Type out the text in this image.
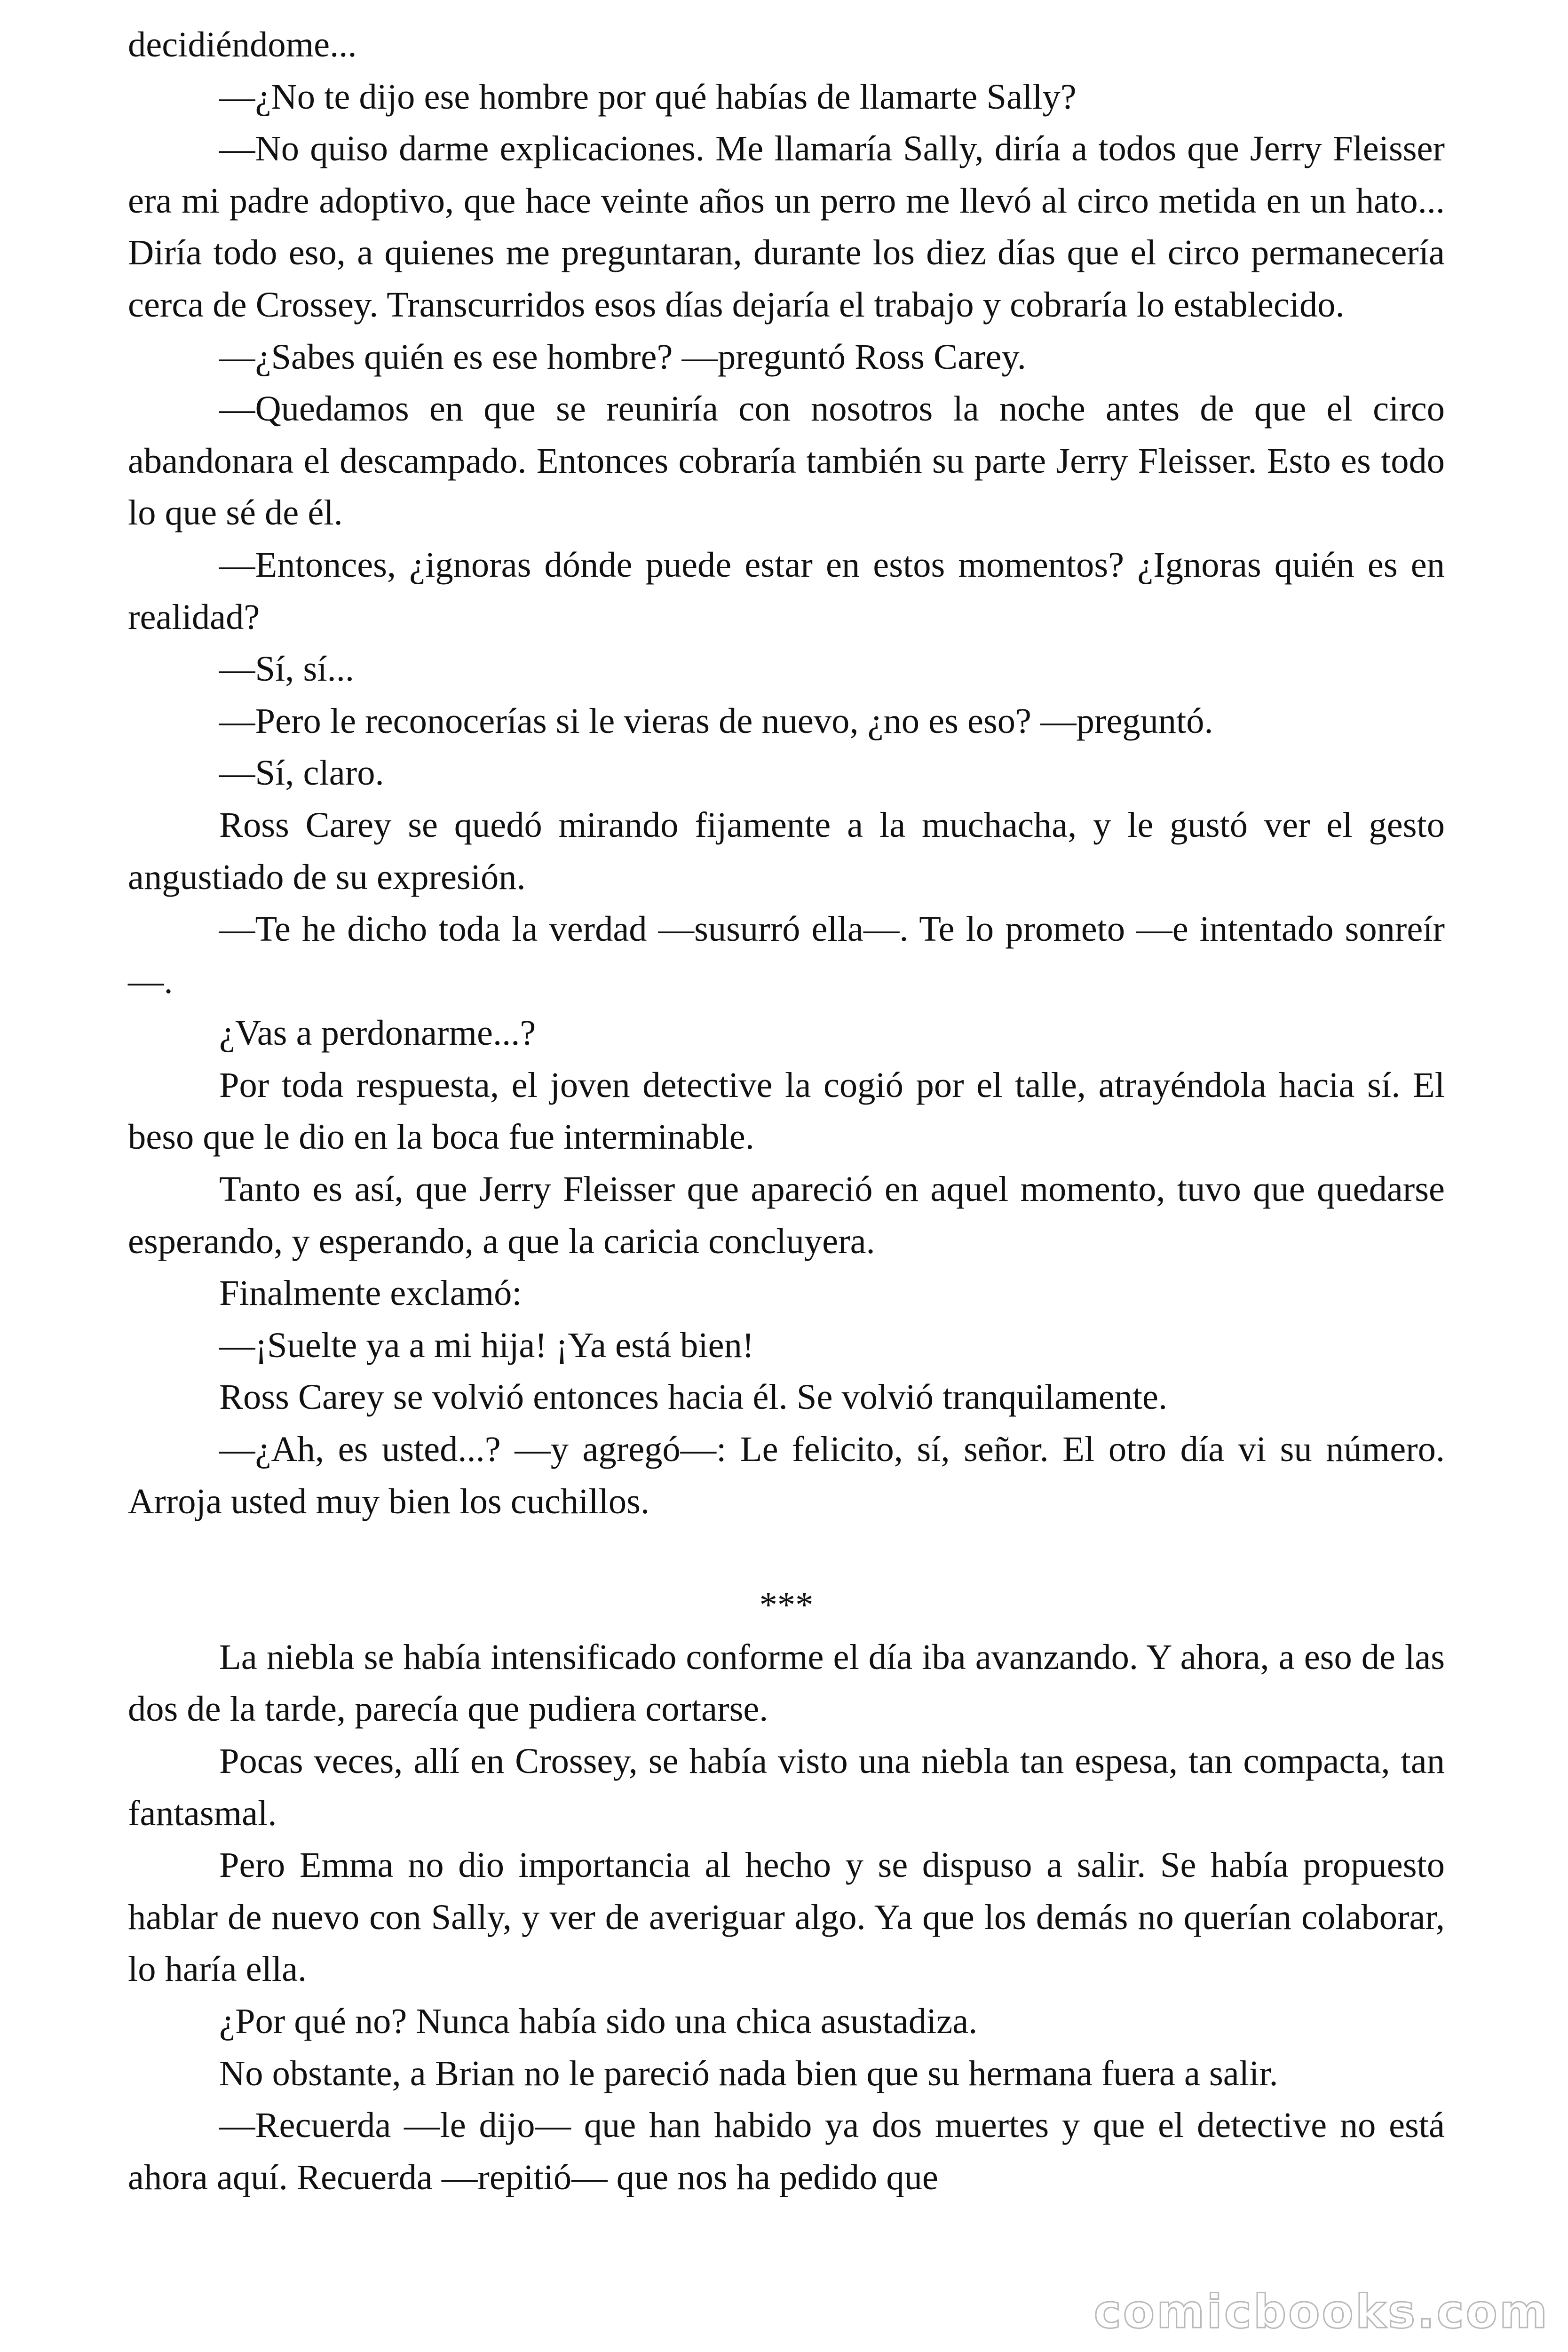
decidiéndome...

—¿No te dijo ese hombre por qué habías de llamarte Sally?

—No quiso darme explicaciones. Me llamaría Sally, diría a todos que Jerry Fleisser era mi padre adoptivo, que hace veinte años un perro me llevó al circo metida en un hato... Diría todo eso, a quienes me preguntaran, durante los diez días que el circo permanecería cerca de Crossey. Transcurridos esos días dejaría el trabajo y cobraría lo establecido.

—¿Sabes quién es ese hombre? —preguntó Ross Carey.

—Quedamos en que se reuniría con nosotros la noche antes de que el circo abandonara el descampado. Entonces cobraría también su parte Jerry Fleisser. Esto es todo lo que sé de él.

—Entonces, ¿ignoras dónde puede estar en estos momentos? ¿Ignoras quién es en realidad?

—Sí, sí...

—Pero le reconocerías si le vieras de nuevo, ¿no es eso? —preguntó.

—Sí, claro.

Ross Carey se quedó mirando fijamente a la muchacha, y le gustó ver el gesto angustiado de su expresión.

—Te he dicho toda la verdad —susurró ella—. Te lo prometo —e intentado sonreír—.

¿Vas a perdonarme...?

Por toda respuesta, el joven detective la cogió por el talle, atrayéndola hacia sí. El beso que le dio en la boca fue interminable.

Tanto es así, que Jerry Fleisser que apareció en aquel momento, tuvo que quedarse esperando, y esperando, a que la caricia concluyera.

Finalmente exclamó:

—¡Suelte ya a mi hija! ¡Ya está bien!

Ross Carey se volvió entonces hacia él. Se volvió tranquilamente.

—¿Ah, es usted...? —y agregó—: Le felicito, sí, señor. El otro día vi su número. Arroja usted muy bien los cuchillos.

***

La niebla se había intensificado conforme el día iba avanzando. Y ahora, a eso de las dos de la tarde, parecía que pudiera cortarse.

Pocas veces, allí en Crossey, se había visto una niebla tan espesa, tan compacta, tan fantasmal.

Pero Emma no dio importancia al hecho y se dispuso a salir. Se había propuesto hablar de nuevo con Sally, y ver de averiguar algo. Ya que los demás no querían colaborar, lo haría ella.

¿Por qué no? Nunca había sido una chica asustadiza.

No obstante, a Brian no le pareció nada bien que su hermana fuera a salir.

—Recuerda —le dijo— que han habido ya dos muertes y que el detective no está ahora aquí. Recuerda —repitió— que nos ha pedido que

comicbooks.com
